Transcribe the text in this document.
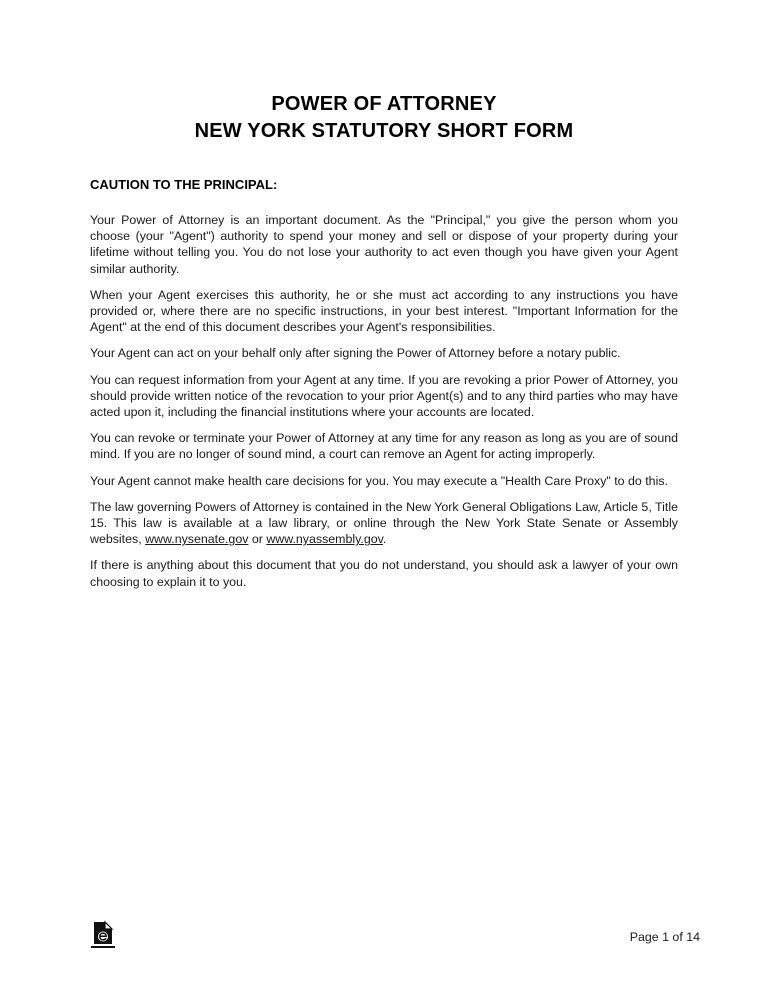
POWER OF ATTORNEY
NEW YORK STATUTORY SHORT FORM
CAUTION TO THE PRINCIPAL:

Your Power of Attorney is an important document. As the "Principal," you give the person whom you choose (your "Agent") authority to spend your money and sell or dispose of your property during your lifetime without telling you. You do not lose your authority to act even though you have given your Agent similar authority.

When your Agent exercises this authority, he or she must act according to any instructions you have provided or, where there are no specific instructions, in your best interest. "Important Information for the Agent" at the end of this document describes your Agent's responsibilities.

Your Agent can act on your behalf only after signing the Power of Attorney before a notary public.

You can request information from your Agent at any time. If you are revoking a prior Power of Attorney, you should provide written notice of the revocation to your prior Agent(s) and to any third parties who may have acted upon it, including the financial institutions where your accounts are located.

You can revoke or terminate your Power of Attorney at any time for any reason as long as you are of sound mind. If you are no longer of sound mind, a court can remove an Agent for acting improperly.

Your Agent cannot make health care decisions for you. You may execute a "Health Care Proxy" to do this.

The law governing Powers of Attorney is contained in the New York General Obligations Law, Article 5, Title 15. This law is available at a law library, or online through the New York State Senate or Assembly websites, www.nysenate.gov or www.nyassembly.gov.

If there is anything about this document that you do not understand, you should ask a lawyer of your own choosing to explain it to you.

Page 1 of 14
